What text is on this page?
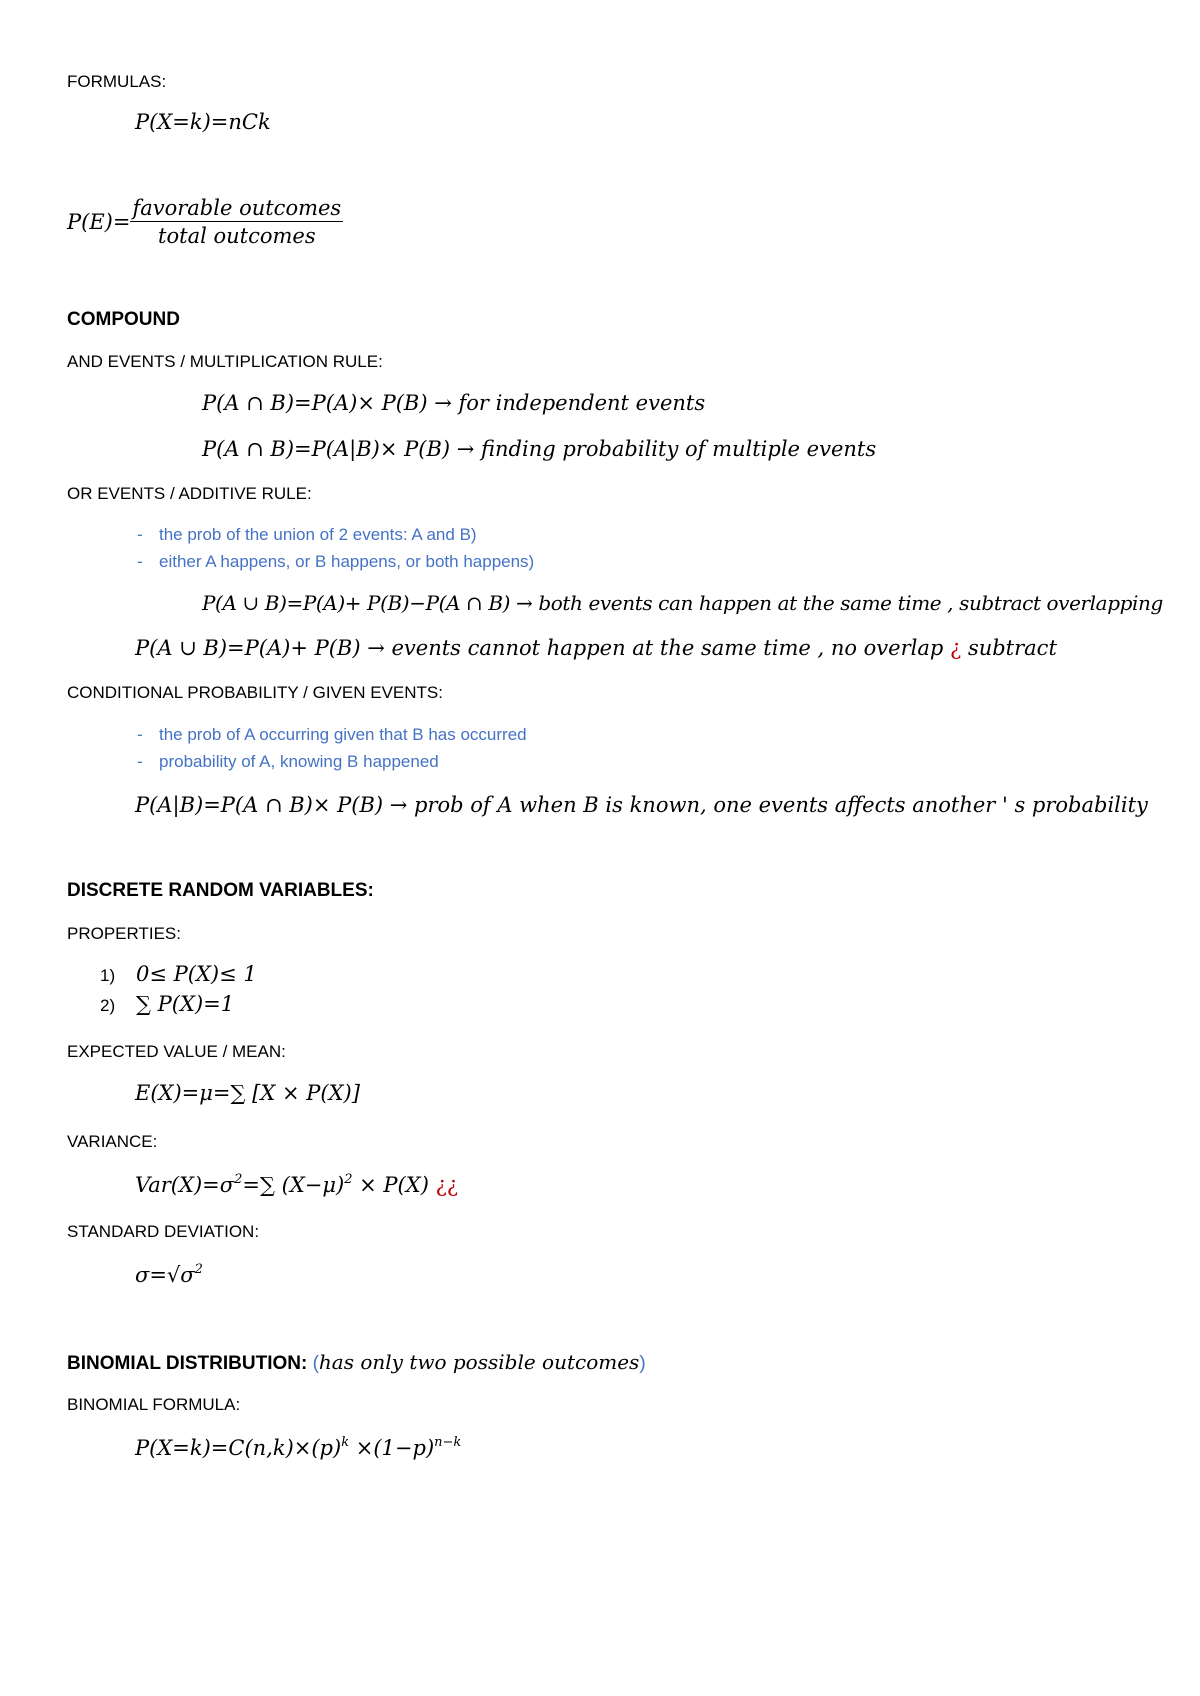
FORMULAS:
P(X=k)=nCk
$P(E)= \frac{\text{favorable outcomes}}{\text{total outcomes}}$
COMPOUND
AND EVENTS / MULTIPLICATION RULE:
P(A ∩ B)=P(A)× P(B) → for independent events
P(A ∩ B)=P(A|B)× P(B) → finding probability of multiple events
OR EVENTS / ADDITIVE RULE:
- the prob of the union of 2 events: A and B)
- either A happens, or B happens, or both happens)
P(A ∪ B)=P(A)+ P(B)−P(A ∩ B) → both events can happen at the same time , subtract overlapping
P(A ∪ B)=P(A)+ P(B) → events cannot happen at the same time , no overlap ¿ subtract
CONDITIONAL PROBABILITY / GIVEN EVENTS:
- the prob of A occurring given that B has occurred
- probability of A, knowing B happened
P(A|B)=P(A ∩ B)× P(B) → prob of A when B is known, one events affects another ' s probability
DISCRETE RANDOM VARIABLES:
PROPERTIES:
1) 0≤ P(X)≤ 1
2) ∑ P(X)=1
EXPECTED VALUE / MEAN:
E(X)=μ=∑ [X × P(X)]
VARIANCE:
$Var(X)=\sigma^2=\sum$ $(X-\mu)^2 \times P(X)$ ¿¿
STANDARD DEVIATION:
$\sigma=√\sigma^2$
BINOMIAL DISTRIBUTION: (has only two possible outcomes)
BINOMIAL FORMULA:
$P(X=k)=C(n,k)\times(p)^k \times(1-p)^{n-k}$
